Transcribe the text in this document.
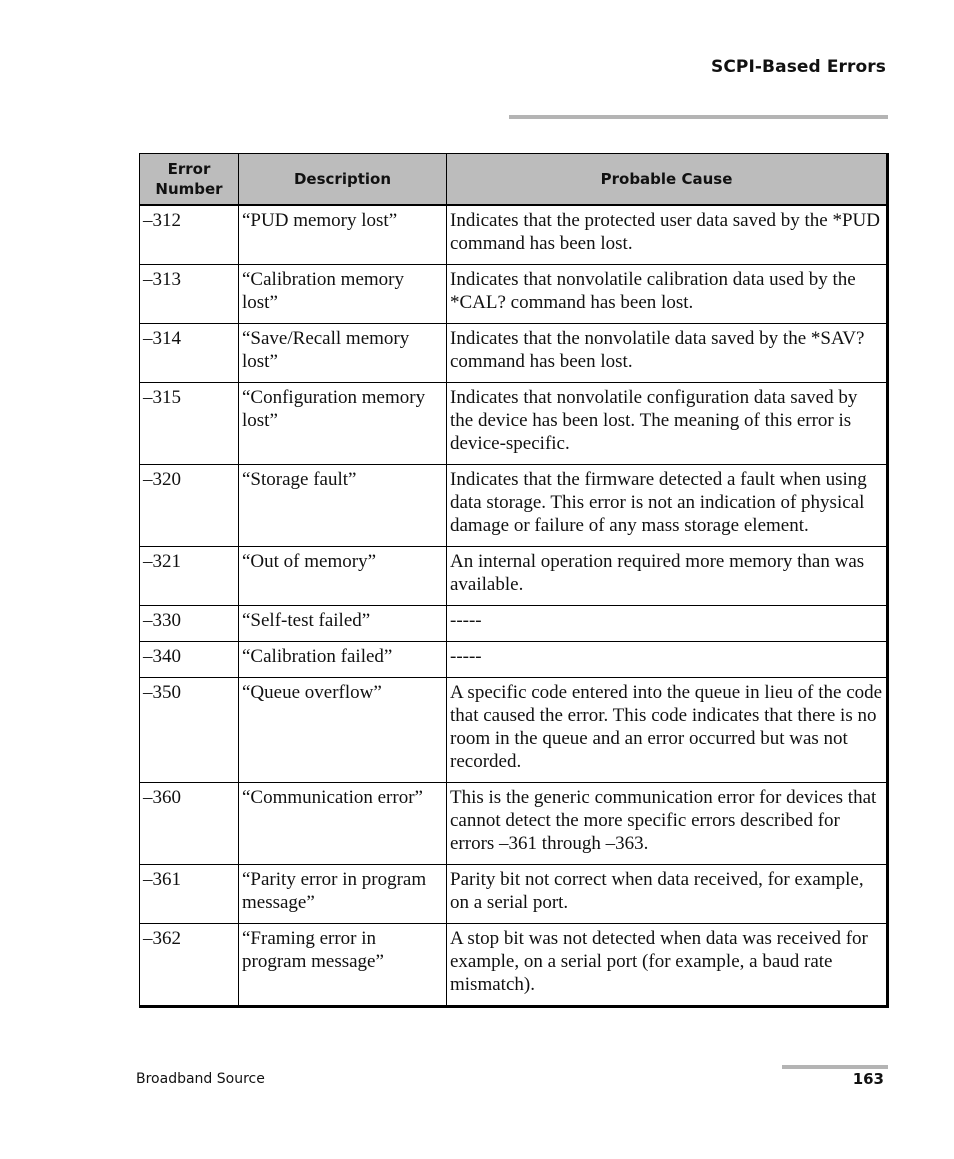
SCPI-Based Errors
Error
Number	Description	Probable Cause
–312	“PUD memory lost”	Indicates that the protected user data saved by the *PUD command has been lost.
–313	“Calibration memory lost”	Indicates that nonvolatile calibration data used by the *CAL? command has been lost.
–314	“Save/Recall memory lost”	Indicates that the nonvolatile data saved by the *SAV? command has been lost.
–315	“Configuration memory lost”	Indicates that nonvolatile configuration data saved by the device has been lost. The meaning of this error is device-specific.
–320	“Storage fault”	Indicates that the firmware detected a fault when using data storage. This error is not an indication of physical damage or failure of any mass storage element.
–321	“Out of memory”	An internal operation required more memory than was available.
–330	“Self-test failed”	-----
–340	“Calibration failed”	-----
–350	“Queue overflow”	A specific code entered into the queue in lieu of the code that caused the error. This code indicates that there is no room in the queue and an error occurred but was not recorded.
–360	“Communication error”	This is the generic communication error for devices that cannot detect the more specific errors described for errors –361 through –363.
–361	“Parity error in program message”	Parity bit not correct when data received, for example, on a serial port.
–362	“Framing error in program message”	A stop bit was not detected when data was received for example, on a serial port (for example, a baud rate mismatch).
Broadband Source	163
